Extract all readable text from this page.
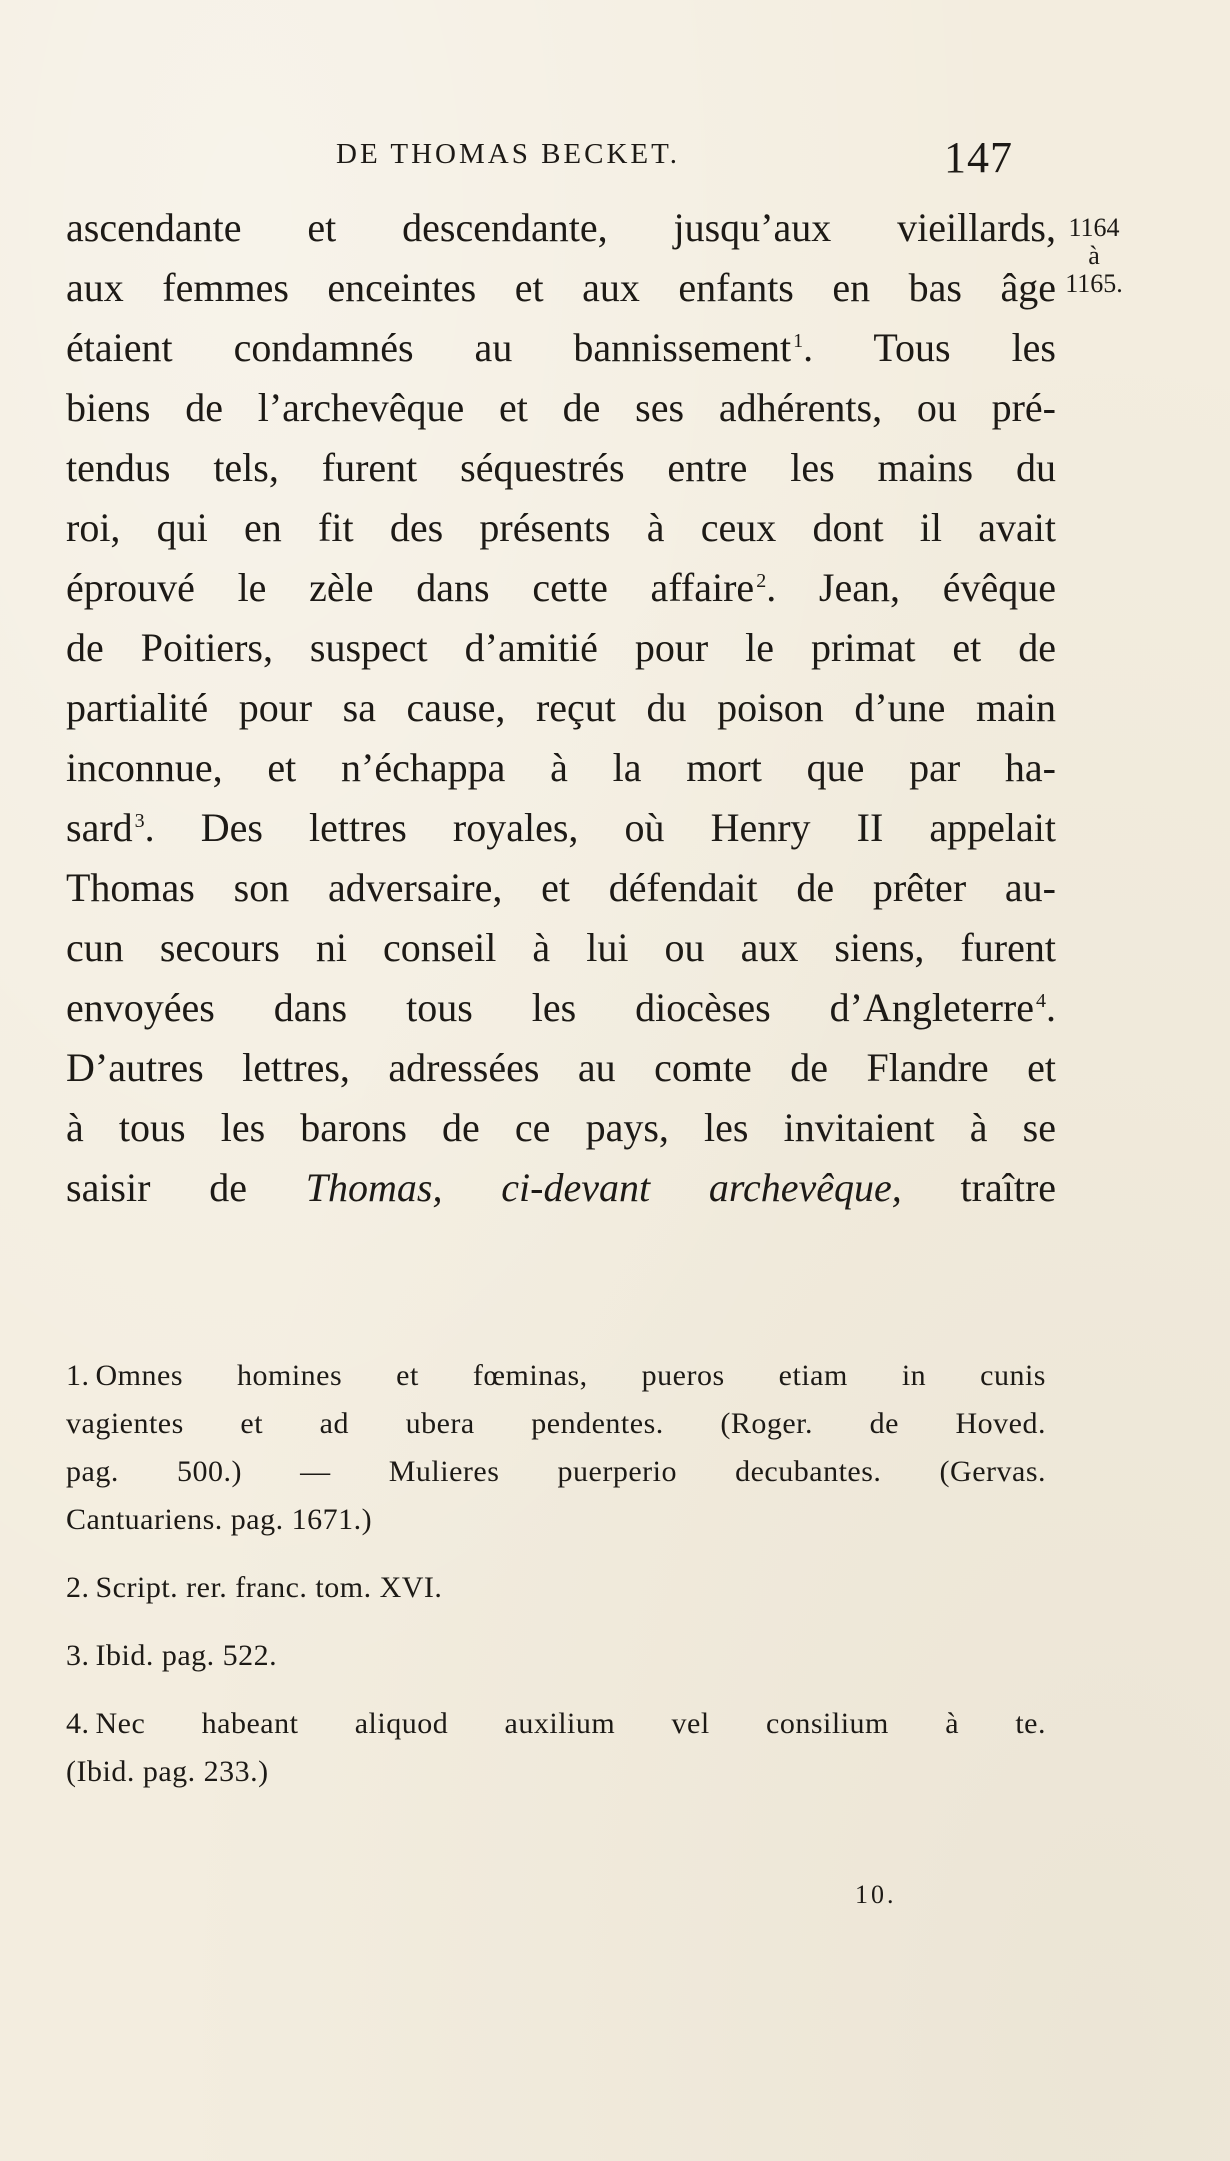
DE THOMAS BECKET.	147
1164
à
1165.
ascendante et descendante, jusqu’aux vieillards,
aux femmes enceintes et aux enfants en bas âge
étaient condamnés au bannissement $^1$. Tous les
biens de l’archevêque et de ses adhérents, ou pré-
tendus tels, furent séquestrés entre les mains du
roi, qui en fit des présents à ceux dont il avait
éprouvé le zèle dans cette affaire $^2$. Jean, évêque
de Poitiers, suspect d’amitié pour le primat et de
partialité pour sa cause, reçut du poison d’une main
inconnue, et n’échappa à la mort que par ha-
sard $^3$. Des lettres royales, où Henry II appelait
Thomas son adversaire, et défendait de prêter au-
cun secours ni conseil à lui ou aux siens, furent
envoyées dans tous les diocèses d’Angleterre $^4$.
D’autres lettres, adressées au comte de Flandre et
à tous les barons de ce pays, les invitaient à se
saisir de Thomas, ci-devant archevêque, traître
1. Omnes homines et fœminas, pueros etiam in cunis
vagientes et ad ubera pendentes. (Roger. de Hoved.
pag. 500.) — Mulieres puerperio decubantes. (Gervas.
Cantuariens. pag. 1671.)
2. Script. rer. franc. tom. XVI.
3. Ibid. pag. 522.
4. Nec habeant aliquod auxilium vel consilium à te.
(Ibid. pag. 233.)
10.
